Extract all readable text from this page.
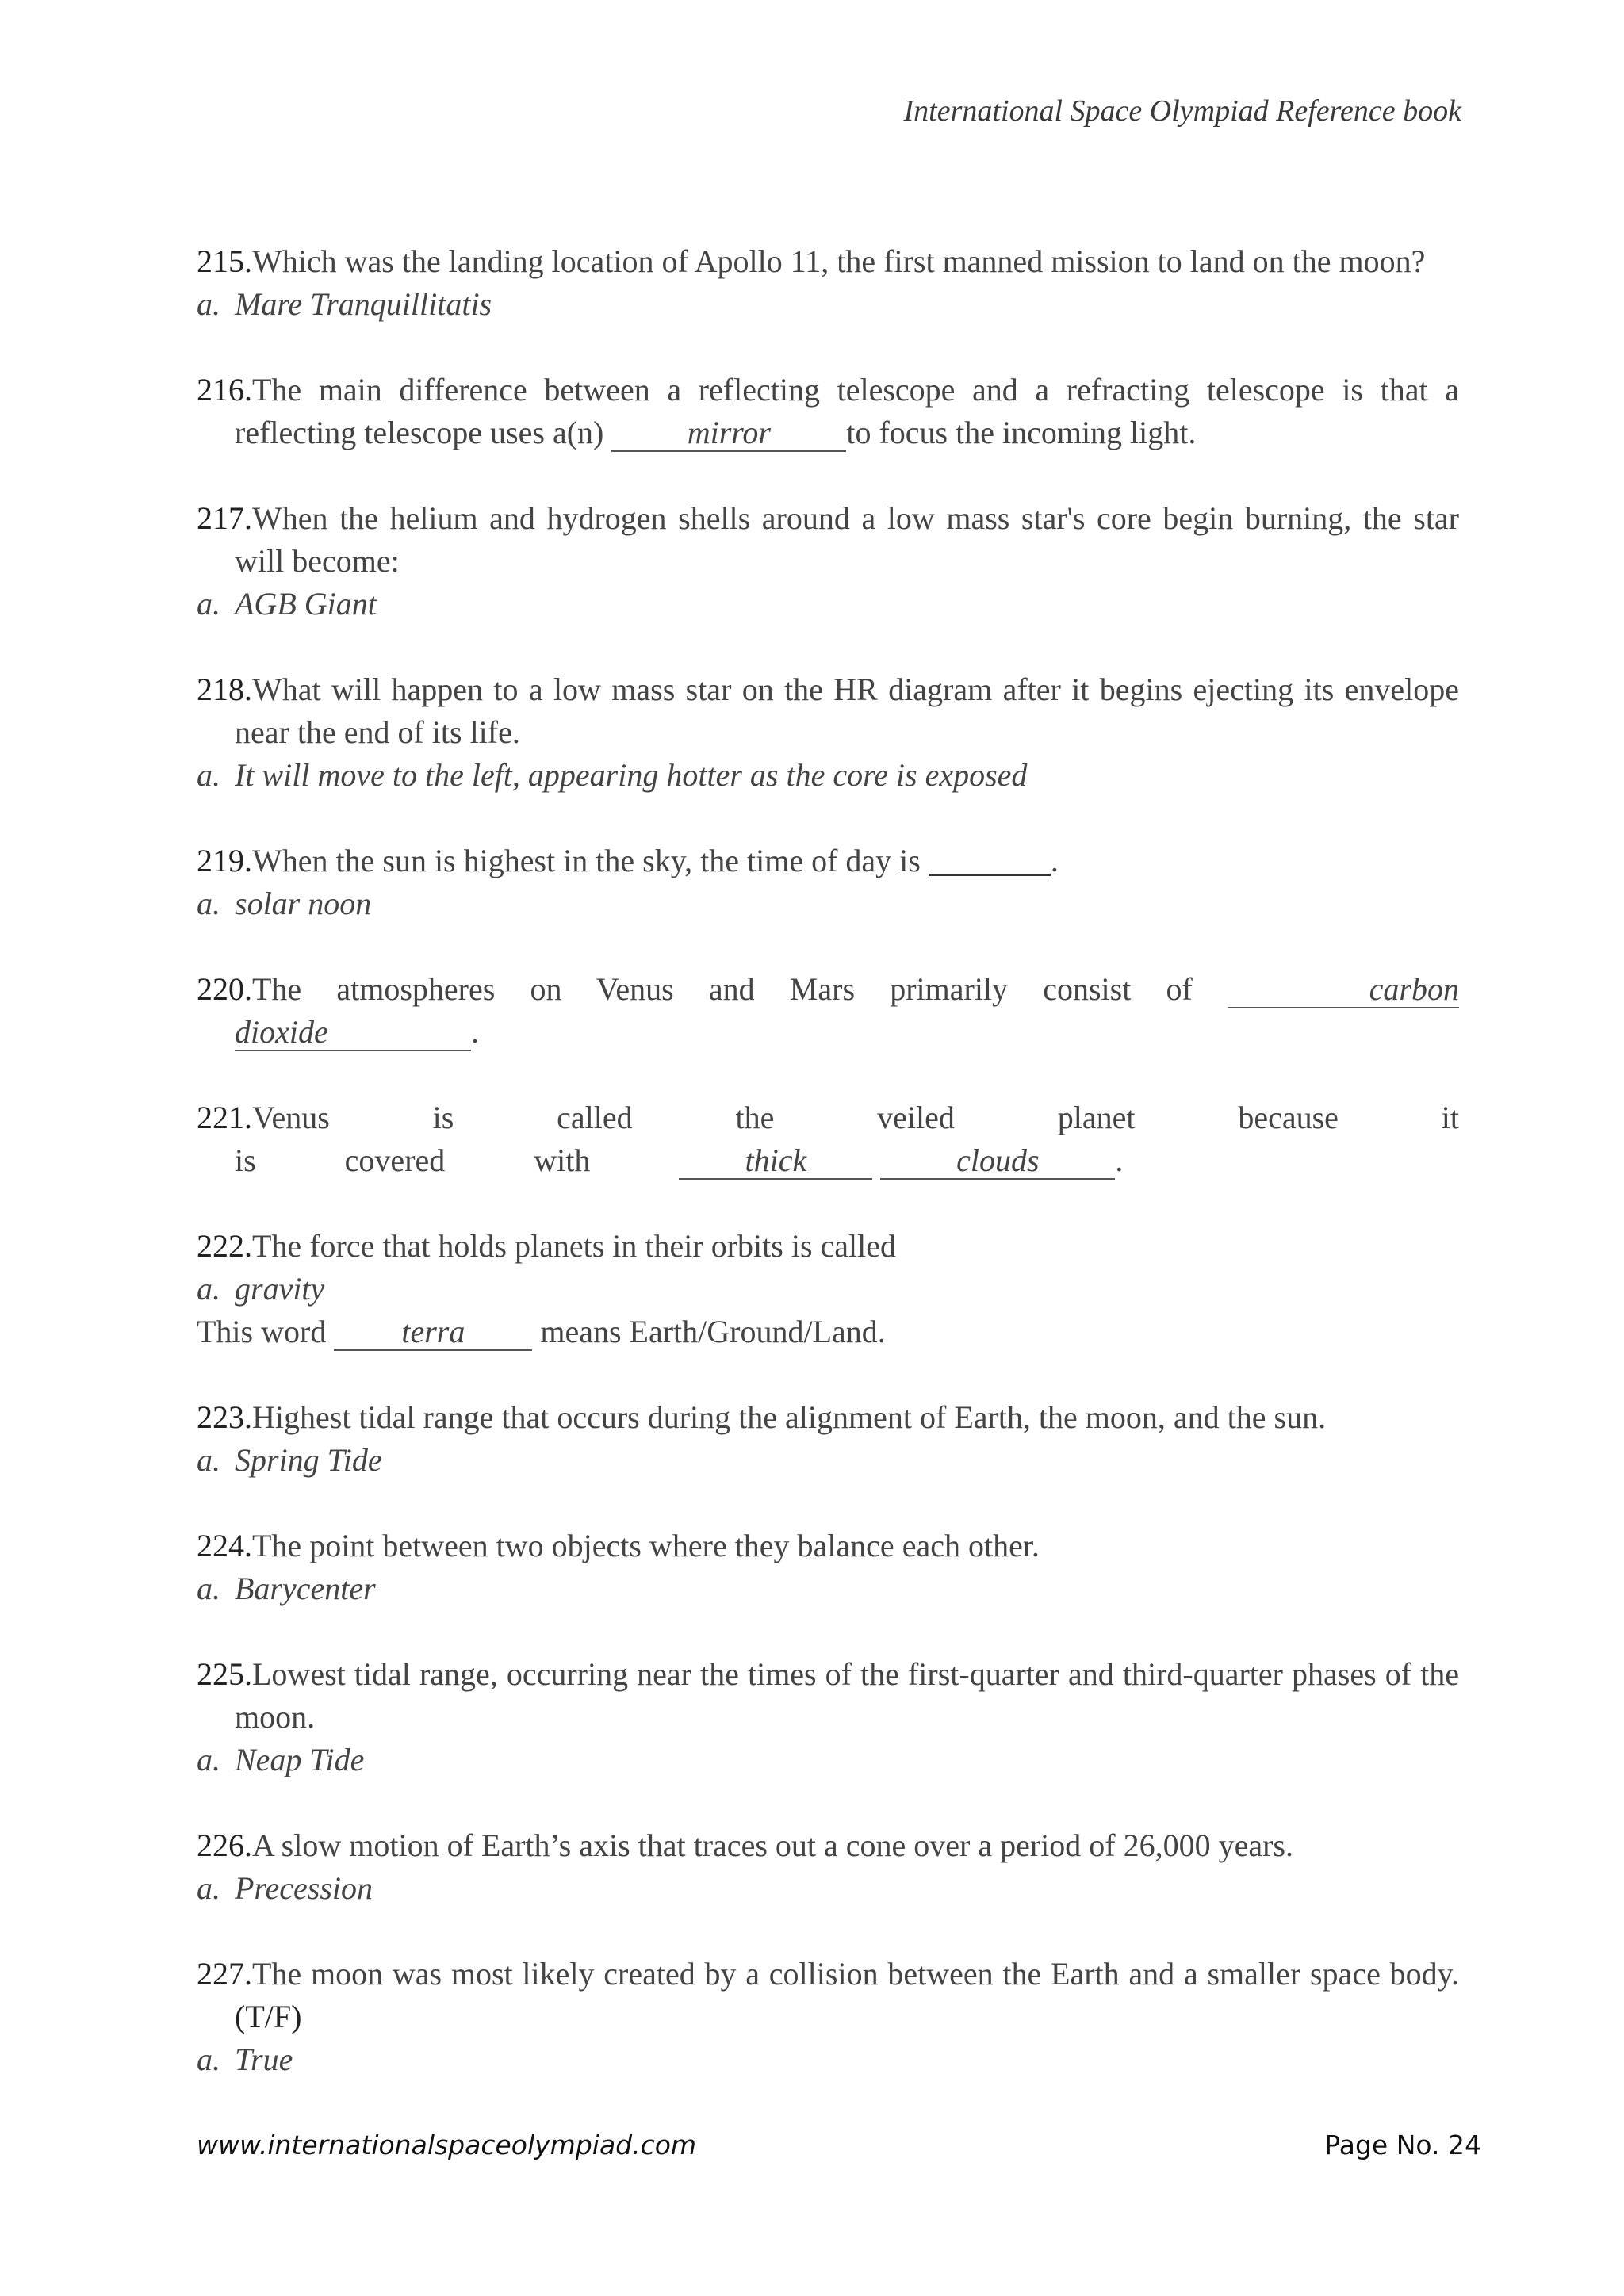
International Space Olympiad Reference book
215.Which was the landing location of Apollo 11, the first manned mission to land on the moon?
a. Mare Tranquillitatis
216.The main difference between a reflecting telescope and a refracting telescope is that a reflecting telescope uses a(n) mirror to focus the incoming light.
217.When the helium and hydrogen shells around a low mass star's core begin burning, the star will become:
a. AGB Giant
218.What will happen to a low mass star on the HR diagram after it begins ejecting its envelope near the end of its life.
a. It will move to the left, appearing hotter as the core is exposed
219.When the sun is highest in the sky, the time of day is	.
a. solar noon
220.The atmospheres on Venus and Mars primarily consist of	carbon dioxide	.
221.Venus is called the veiled planet because it is covered with thick	clouds .
222.The force that holds planets in their orbits is called
a. gravity
This word terra means Earth/Ground/Land.
223.Highest tidal range that occurs during the alignment of Earth, the moon, and the sun.
a. Spring Tide
224.The point between two objects where they balance each other.
a. Barycenter
225.Lowest tidal range, occurring near the times of the first-quarter and third-quarter phases of the moon.
a. Neap Tide
226.A slow motion of Earth’s axis that traces out a cone over a period of 26,000 years.
a. Precession
227.The moon was most likely created by a collision between the Earth and a smaller space body.(T/F)
a. True
www.internationalspaceolympiad.com	Page No. 24
